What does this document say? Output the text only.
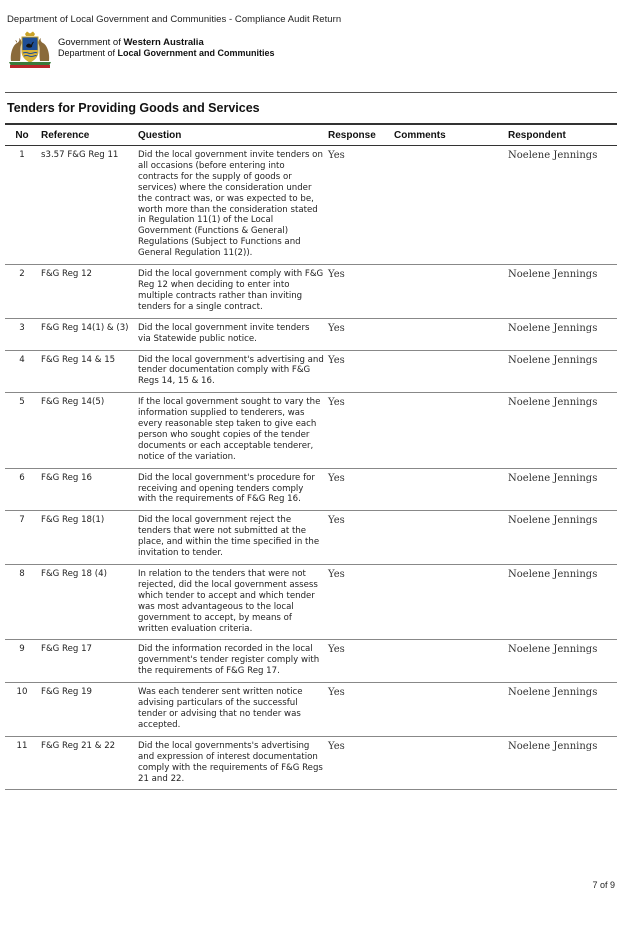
Department of Local Government and Communities - Compliance Audit Return
Government of Western Australia
Department of Local Government and Communities
Tenders for Providing Goods and Services
No	Reference	Question	Response	Comments	Respondent
1	s3.57 F&G Reg 11	Did the local government invite tenders on all occasions (before entering into contracts for the supply of goods or services) where the consideration under the contract was, or was expected to be, worth more than the consideration stated in Regulation 11(1) of the Local Government (Functions & General) Regulations (Subject to Functions and General Regulation 11(2)).	Yes		Noelene Jennings
2	F&G Reg 12	Did the local government comply with F&G Reg 12 when deciding to enter into multiple contracts rather than inviting tenders for a single contract.	Yes		Noelene Jennings
3	F&G Reg 14(1) & (3)	Did the local government invite tenders via Statewide public notice.	Yes		Noelene Jennings
4	F&G Reg 14 & 15	Did the local government's advertising and tender documentation comply with F&G Regs 14, 15 & 16.	Yes		Noelene Jennings
5	F&G Reg 14(5)	If the local government sought to vary the information supplied to tenderers, was every reasonable step taken to give each person who sought copies of the tender documents or each acceptable tenderer, notice of the variation.	Yes		Noelene Jennings
6	F&G Reg 16	Did the local government's procedure for receiving and opening tenders comply with the requirements of F&G Reg 16.	Yes		Noelene Jennings
7	F&G Reg 18(1)	Did the local government reject the tenders that were not submitted at the place, and within the time specified in the invitation to tender.	Yes		Noelene Jennings
8	F&G Reg 18 (4)	In relation to the tenders that were not rejected, did the local government assess which tender to accept and which tender was most advantageous to the local government to accept, by means of written evaluation criteria.	Yes		Noelene Jennings
9	F&G Reg 17	Did the information recorded in the local government's tender register comply with the requirements of F&G Reg 17.	Yes		Noelene Jennings
10	F&G Reg 19	Was each tenderer sent written notice advising particulars of the successful tender or advising that no tender was accepted.	Yes		Noelene Jennings
11	F&G Reg 21 & 22	Did the local governments's advertising and expression of interest documentation comply with the requirements of F&G Regs 21 and 22.	Yes		Noelene Jennings
7 of 9
